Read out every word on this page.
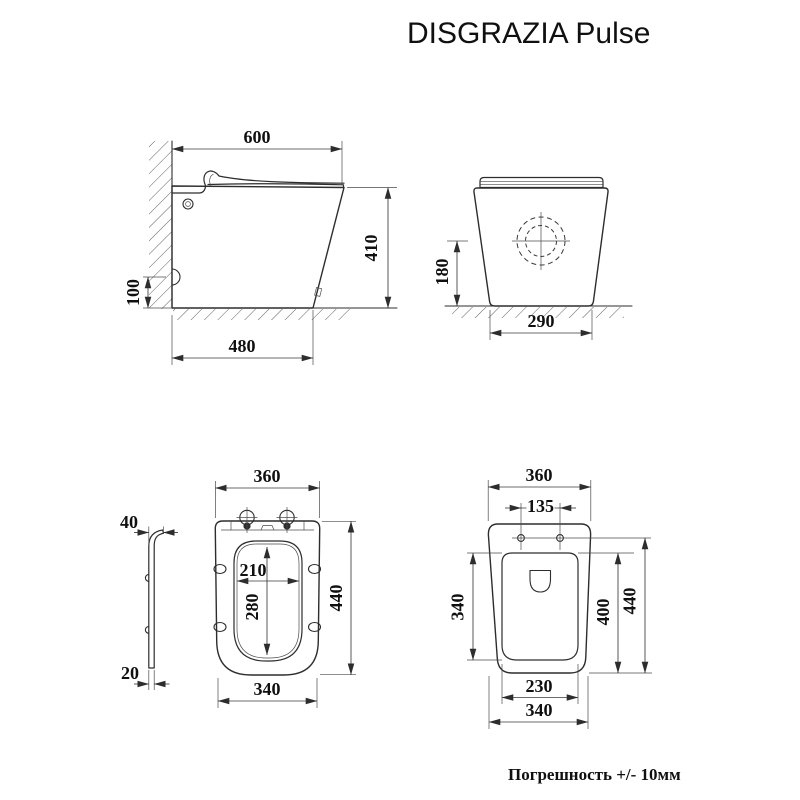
DISGRAZIA Pulse
600
410
100
480
180
290
40
20
210
280
360
440
340
360
135
340	400 440
230
340
Погрешность +/- 10мм
